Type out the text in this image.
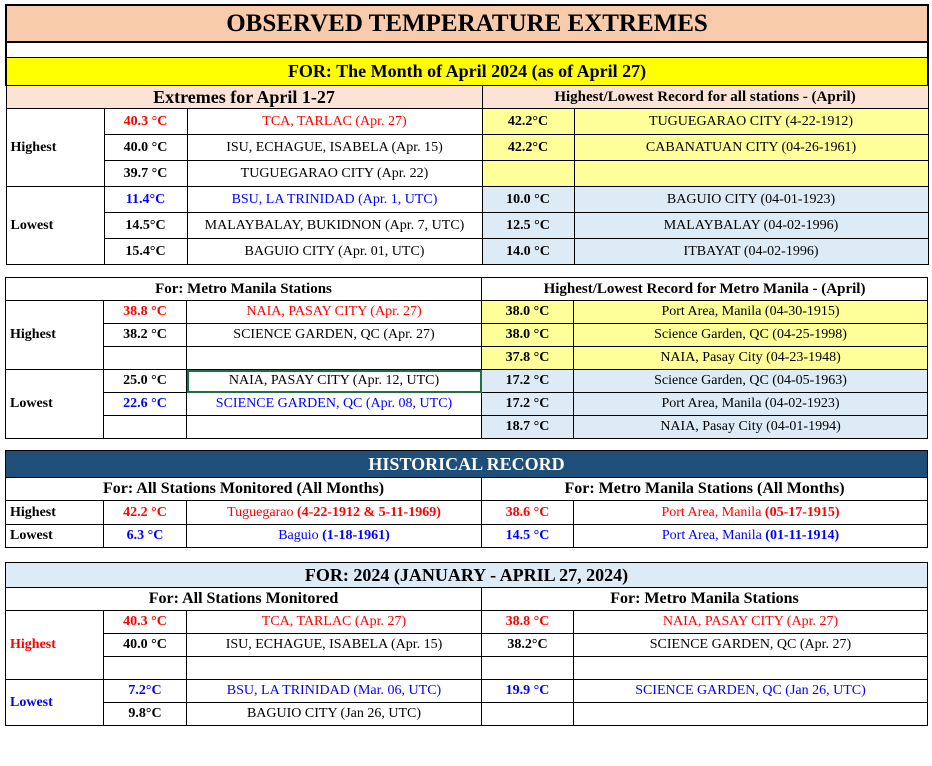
OBSERVED TEMPERATURE EXTREMES				

FOR: The Month of April 2024 (as of April 27)				
Extremes for April 1-27			Highest/Lowest Record for all stations - (April)	
Highest	40.3 °C	TCA, TARLAC (Apr. 27)	42.2°C	TUGUEGARAO CITY (4-22-1912)
	40.0 °C	ISU, ECHAGUE, ISABELA (Apr. 15)	42.2°C	CABANATUAN CITY (04-26-1961)
	39.7 °C	TUGUEGARAO CITY (Apr. 22)		
Lowest	11.4°C	BSU, LA TRINIDAD (Apr. 1, UTC)	10.0 °C	BAGUIO CITY (04-01-1923)
	14.5°C	MALAYBALAY, BUKIDNON (Apr. 7, UTC)	12.5 °C	MALAYBALAY (04-02-1996)
	15.4°C	BAGUIO CITY (Apr. 01, UTC)	14.0 °C	ITBAYAT (04-02-1996)
For: Metro Manila Stations			Highest/Lowest Record for Metro Manila - (April)	
Highest	38.8 °C	NAIA, PASAY CITY (Apr. 27)	38.0 °C	Port Area, Manila (04-30-1915)
	38.2 °C	SCIENCE GARDEN, QC (Apr. 27)	38.0 °C	Science Garden, QC (04-25-1998)
			37.8 °C	NAIA, Pasay City (04-23-1948)
Lowest	25.0 °C	NAIA, PASAY CITY (Apr. 12, UTC)	17.2 °C	Science Garden, QC (04-05-1963)
	22.6 °C	SCIENCE GARDEN, QC (Apr. 08, UTC)	17.2 °C	Port Area, Manila (04-02-1923)
			18.7 °C	NAIA, Pasay City (04-01-1994)
HISTORICAL RECORD				
For: All Stations Monitored (All Months)			For: Metro Manila Stations (All Months)	
Highest	42.2 °C	Tuguegarao (4-22-1912 & 5-11-1969)	38.6 °C	Port Area, Manila (05-17-1915)
Lowest	6.3 °C	Baguio (1-18-1961)	14.5 °C	Port Area, Manila (01-11-1914)
FOR: 2024 (JANUARY - APRIL 27, 2024)				
For: All Stations Monitored			For: Metro Manila Stations	
Highest	40.3 °C	TCA, TARLAC (Apr. 27)	38.8 °C	NAIA, PASAY CITY (Apr. 27)
	40.0 °C	ISU, ECHAGUE, ISABELA (Apr. 15)	38.2°C	SCIENCE GARDEN, QC (Apr. 27)

Lowest	7.2°C	BSU, LA TRINIDAD (Mar. 06, UTC)	19.9 °C	SCIENCE GARDEN, QC (Jan 26, UTC)
	9.8°C	BAGUIO CITY (Jan 26, UTC)		
